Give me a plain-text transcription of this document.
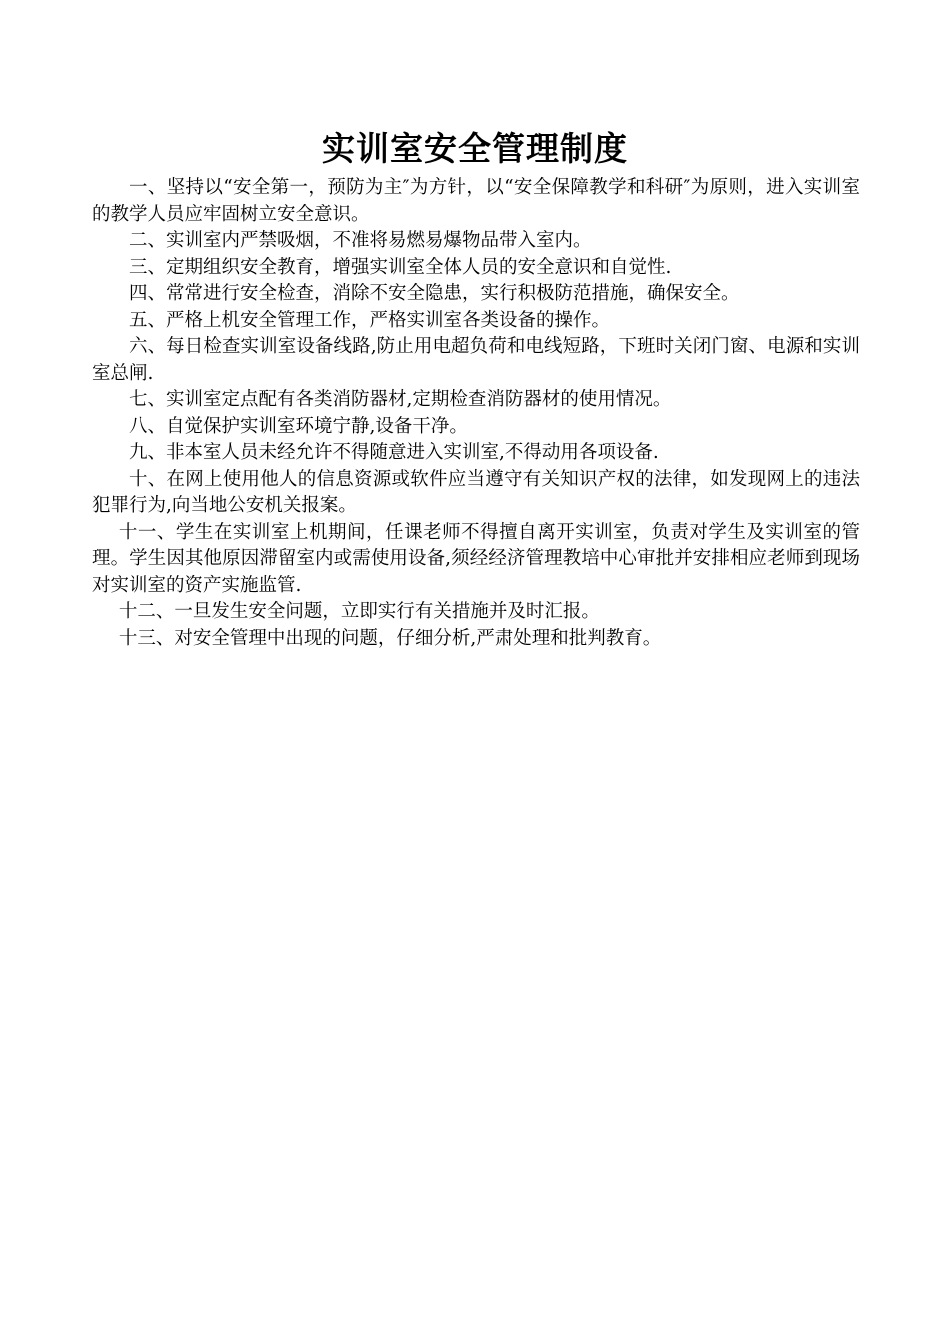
实训室安全管理制度

一、坚持以“安全第一，预防为主″为方针，以“安全保障教学和科研″为原则，进入实训室的教学人员应牢固树立安全意识。

二、实训室内严禁吸烟，不准将易燃易爆物品带入室内。

三、定期组织安全教育，增强实训室全体人员的安全意识和自觉性.

四、常常进行安全检查，消除不安全隐患，实行积极防范措施，确保安全。

五、严格上机安全管理工作，严格实训室各类设备的操作。

六、每日检查实训室设备线路,防止用电超负荷和电线短路，下班时关闭门窗、电源和实训室总闸.

七、实训室定点配有各类消防器材,定期检查消防器材的使用情况。

八、自觉保护实训室环境宁静,设备干净。

九、非本室人员未经允许不得随意进入实训室,不得动用各项设备.

十、在网上使用他人的信息资源或软件应当遵守有关知识产权的法律，如发现网上的违法犯罪行为,向当地公安机关报案。

十一、学生在实训室上机期间，任课老师不得擅自离开实训室，负责对学生及实训室的管理。学生因其他原因滞留室内或需使用设备,须经经济管理教培中心审批并安排相应老师到现场对实训室的资产实施监管.

十二、一旦发生安全问题，立即实行有关措施并及时汇报。

十三、对安全管理中出现的问题，仔细分析,严肃处理和批判教育。
